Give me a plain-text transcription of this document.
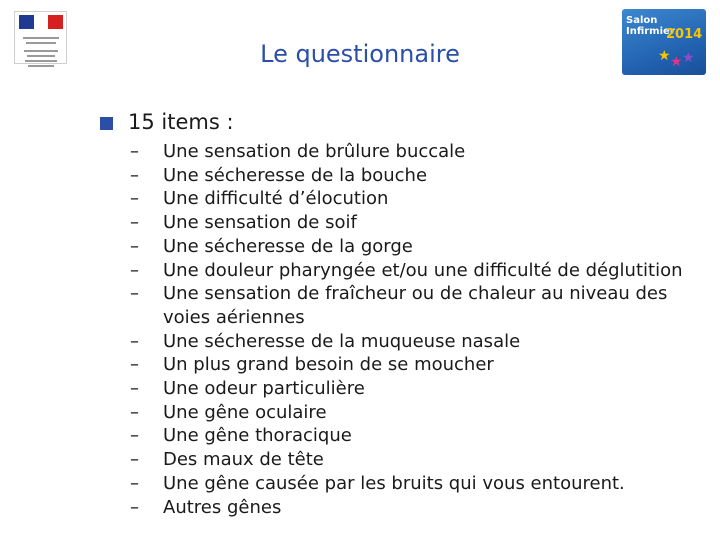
Le questionnaire
Salon Infirmier
2014
★ ★ ★
15 items :
– Une sensation de brûlure buccale
– Une sécheresse de la bouche
– Une difficulté d’élocution
– Une sensation de soif
– Une sécheresse de la gorge
– Une douleur pharyngée et/ou une difficulté de déglutition
– Une sensation de fraîcheur ou de chaleur au niveau des voies aériennes
– Une sécheresse de la muqueuse nasale
– Un plus grand besoin de se moucher
– Une odeur particulière
– Une gêne oculaire
– Une gêne thoracique
– Des maux de tête
– Une gêne causée par les bruits qui vous entourent.
– Autres gênes
